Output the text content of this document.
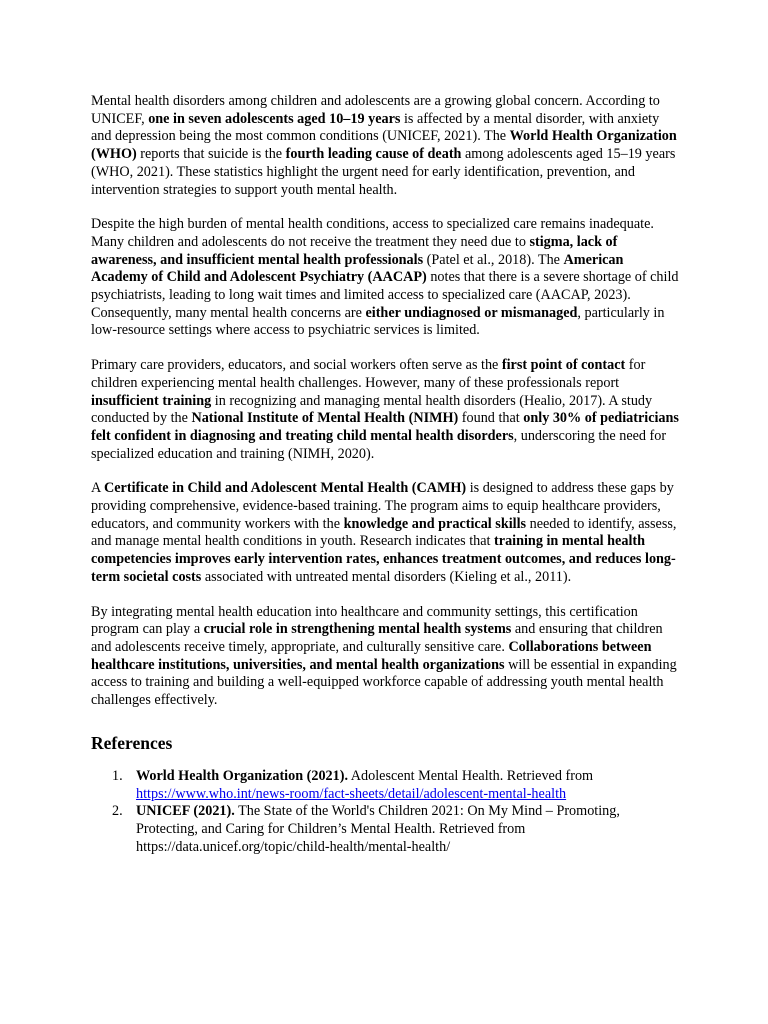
Mental health disorders among children and adolescents are a growing global concern. According to UNICEF, one in seven adolescents aged 10–19 years is affected by a mental disorder, with anxiety and depression being the most common conditions (UNICEF, 2021). The World Health Organization (WHO) reports that suicide is the fourth leading cause of death among adolescents aged 15–19 years (WHO, 2021). These statistics highlight the urgent need for early identification, prevention, and intervention strategies to support youth mental health.

Despite the high burden of mental health conditions, access to specialized care remains inadequate. Many children and adolescents do not receive the treatment they need due to stigma, lack of awareness, and insufficient mental health professionals (Patel et al., 2018). The American Academy of Child and Adolescent Psychiatry (AACAP) notes that there is a severe shortage of child psychiatrists, leading to long wait times and limited access to specialized care (AACAP, 2023). Consequently, many mental health concerns are either undiagnosed or mismanaged, particularly in low-resource settings where access to psychiatric services is limited.

Primary care providers, educators, and social workers often serve as the first point of contact for children experiencing mental health challenges. However, many of these professionals report insufficient training in recognizing and managing mental health disorders (Healio, 2017). A study conducted by the National Institute of Mental Health (NIMH) found that only 30% of pediatricians felt confident in diagnosing and treating child mental health disorders, underscoring the need for specialized education and training (NIMH, 2020).

A Certificate in Child and Adolescent Mental Health (CAMH) is designed to address these gaps by providing comprehensive, evidence-based training. The program aims to equip healthcare providers, educators, and community workers with the knowledge and practical skills needed to identify, assess, and manage mental health conditions in youth. Research indicates that training in mental health competencies improves early intervention rates, enhances treatment outcomes, and reduces long-term societal costs associated with untreated mental disorders (Kieling et al., 2011).

By integrating mental health education into healthcare and community settings, this certification program can play a crucial role in strengthening mental health systems and ensuring that children and adolescents receive timely, appropriate, and culturally sensitive care. Collaborations between healthcare institutions, universities, and mental health organizations will be essential in expanding access to training and building a well-equipped workforce capable of addressing youth mental health challenges effectively.

References
1. World Health Organization (2021). Adolescent Mental Health. Retrieved from
https://www.who.int/news-room/fact-sheets/detail/adolescent-mental-health
2. UNICEF (2021). The State of the World's Children 2021: On My Mind – Promoting, Protecting, and Caring for Children’s Mental Health. Retrieved from https://data.unicef.org/topic/child-health/mental-health/
